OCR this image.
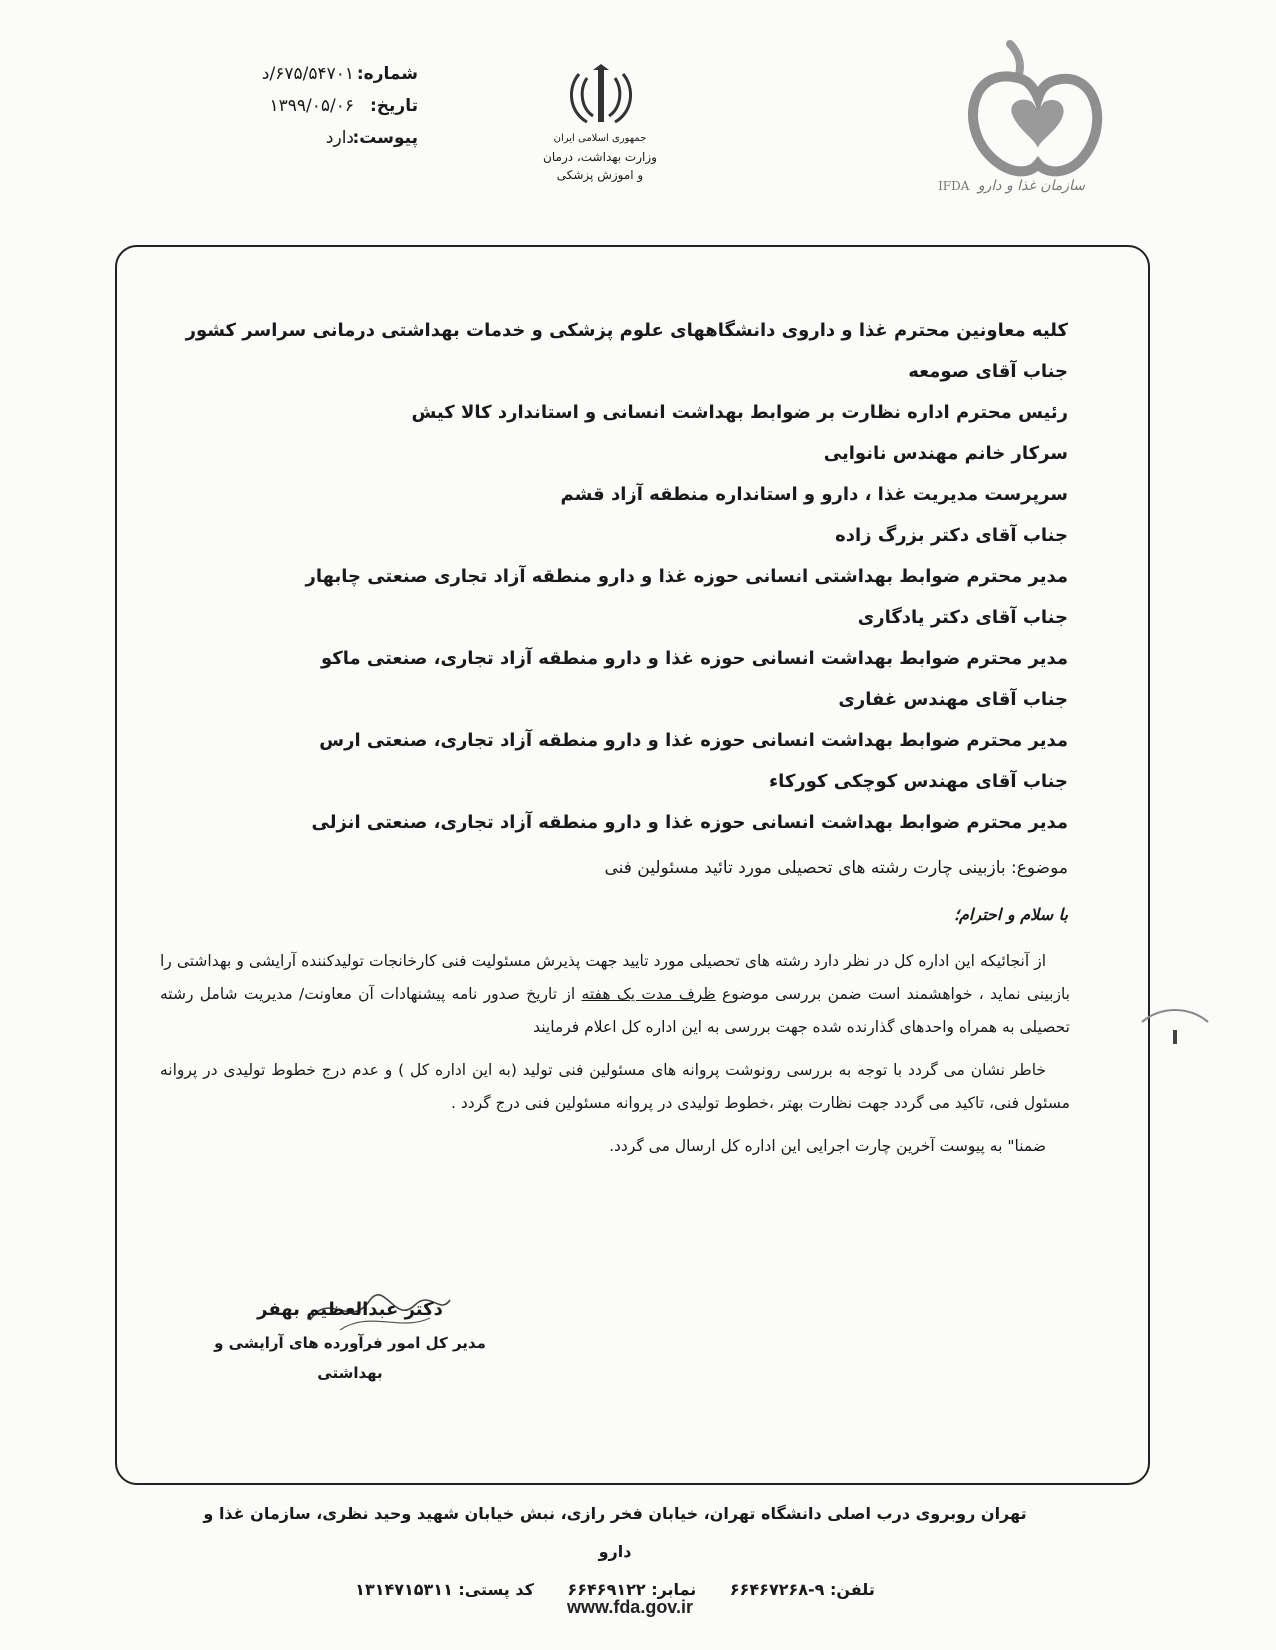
شماره:
۶۷۵/۵۴۷۰۱/د
تاریخ:
۱۳۹۹/۰۵/۰۶
پیوست:
دارد	جمهوری اسلامی ایران
وزارت بهداشت، درمان
و اموزش پزشکی
سازمان غذا و دارو IFDA
کلیه معاونین محترم غذا و داروی دانشگاههای علوم پزشکی و خدمات بهداشتی درمانی سراسر کشور
جناب آقای صومعه
رئیس محترم اداره نظارت بر ضوابط بهداشت انسانی و استاندارد کالا کیش
سرکار خانم مهندس نانوایی
سرپرست مدیریت غذا ، دارو و استانداره منطقه آزاد قشم
جناب آقای دکتر بزرگ زاده
مدیر محترم ضوابط بهداشتی انسانی حوزه غذا و دارو منطقه آزاد تجاری صنعتی چابهار
جناب آقای دکتر یادگاری
مدیر محترم ضوابط بهداشت انسانی حوزه غذا و دارو منطقه آزاد تجاری، صنعتی ماکو
جناب آقای مهندس غفاری
مدیر محترم ضوابط بهداشت انسانی حوزه غذا و دارو منطقه آزاد تجاری، صنعتی ارس
جناب آقای مهندس کوچکی کورکاء
مدیر محترم ضوابط بهداشت انسانی حوزه غذا و دارو منطقه آزاد تجاری، صنعتی انزلی
موضوع: بازبینی چارت رشته های تحصیلی مورد تائید مسئولین فنی
با سلام و احترام؛

از آنجائیکه این اداره کل در نظر دارد رشته های تحصیلی مورد تایید جهت پذیرش مسئولیت فنی کارخانجات تولیدکننده آرایشی و بهداشتی را بازبینی نماید ، خواهشمند است ضمن بررسی موضوع ظرف مدت یک هفته از تاریخ صدور نامه پیشنهادات آن معاونت/ مدیریت شامل رشته تحصیلی به همراه واحدهای گذارنده شده جهت بررسی به این اداره کل اعلام فرمایند

خاطر نشان می گردد با توجه به بررسی رونوشت پروانه های مسئولین فنی تولید (به این اداره کل ) و عدم درج خطوط تولیدی در پروانه مسئول فنی، تاکید می گردد جهت نظارت بهتر ،خطوط تولیدی در پروانه مسئولین فنی درج گردد .

ضمنا" به پیوست آخرین چارت اجرایی این اداره کل ارسال می گردد.

دکتر عبدالعظیم بهفر
مدیر کل امور فرآورده های آرایشی و بهداشتی
تهران روبروی درب اصلی دانشگاه تهران، خیابان فخر رازی، نبش خیابان شهید وحید نظری، سازمان غذا و دارو
تلفن: ۹-۶۶۴۶۷۲۶۸ نمابر: ۶۶۴۶۹۱۲۲ کد پستی: ۱۳۱۴۷۱۵۳۱۱
www.fda.gov.ir
